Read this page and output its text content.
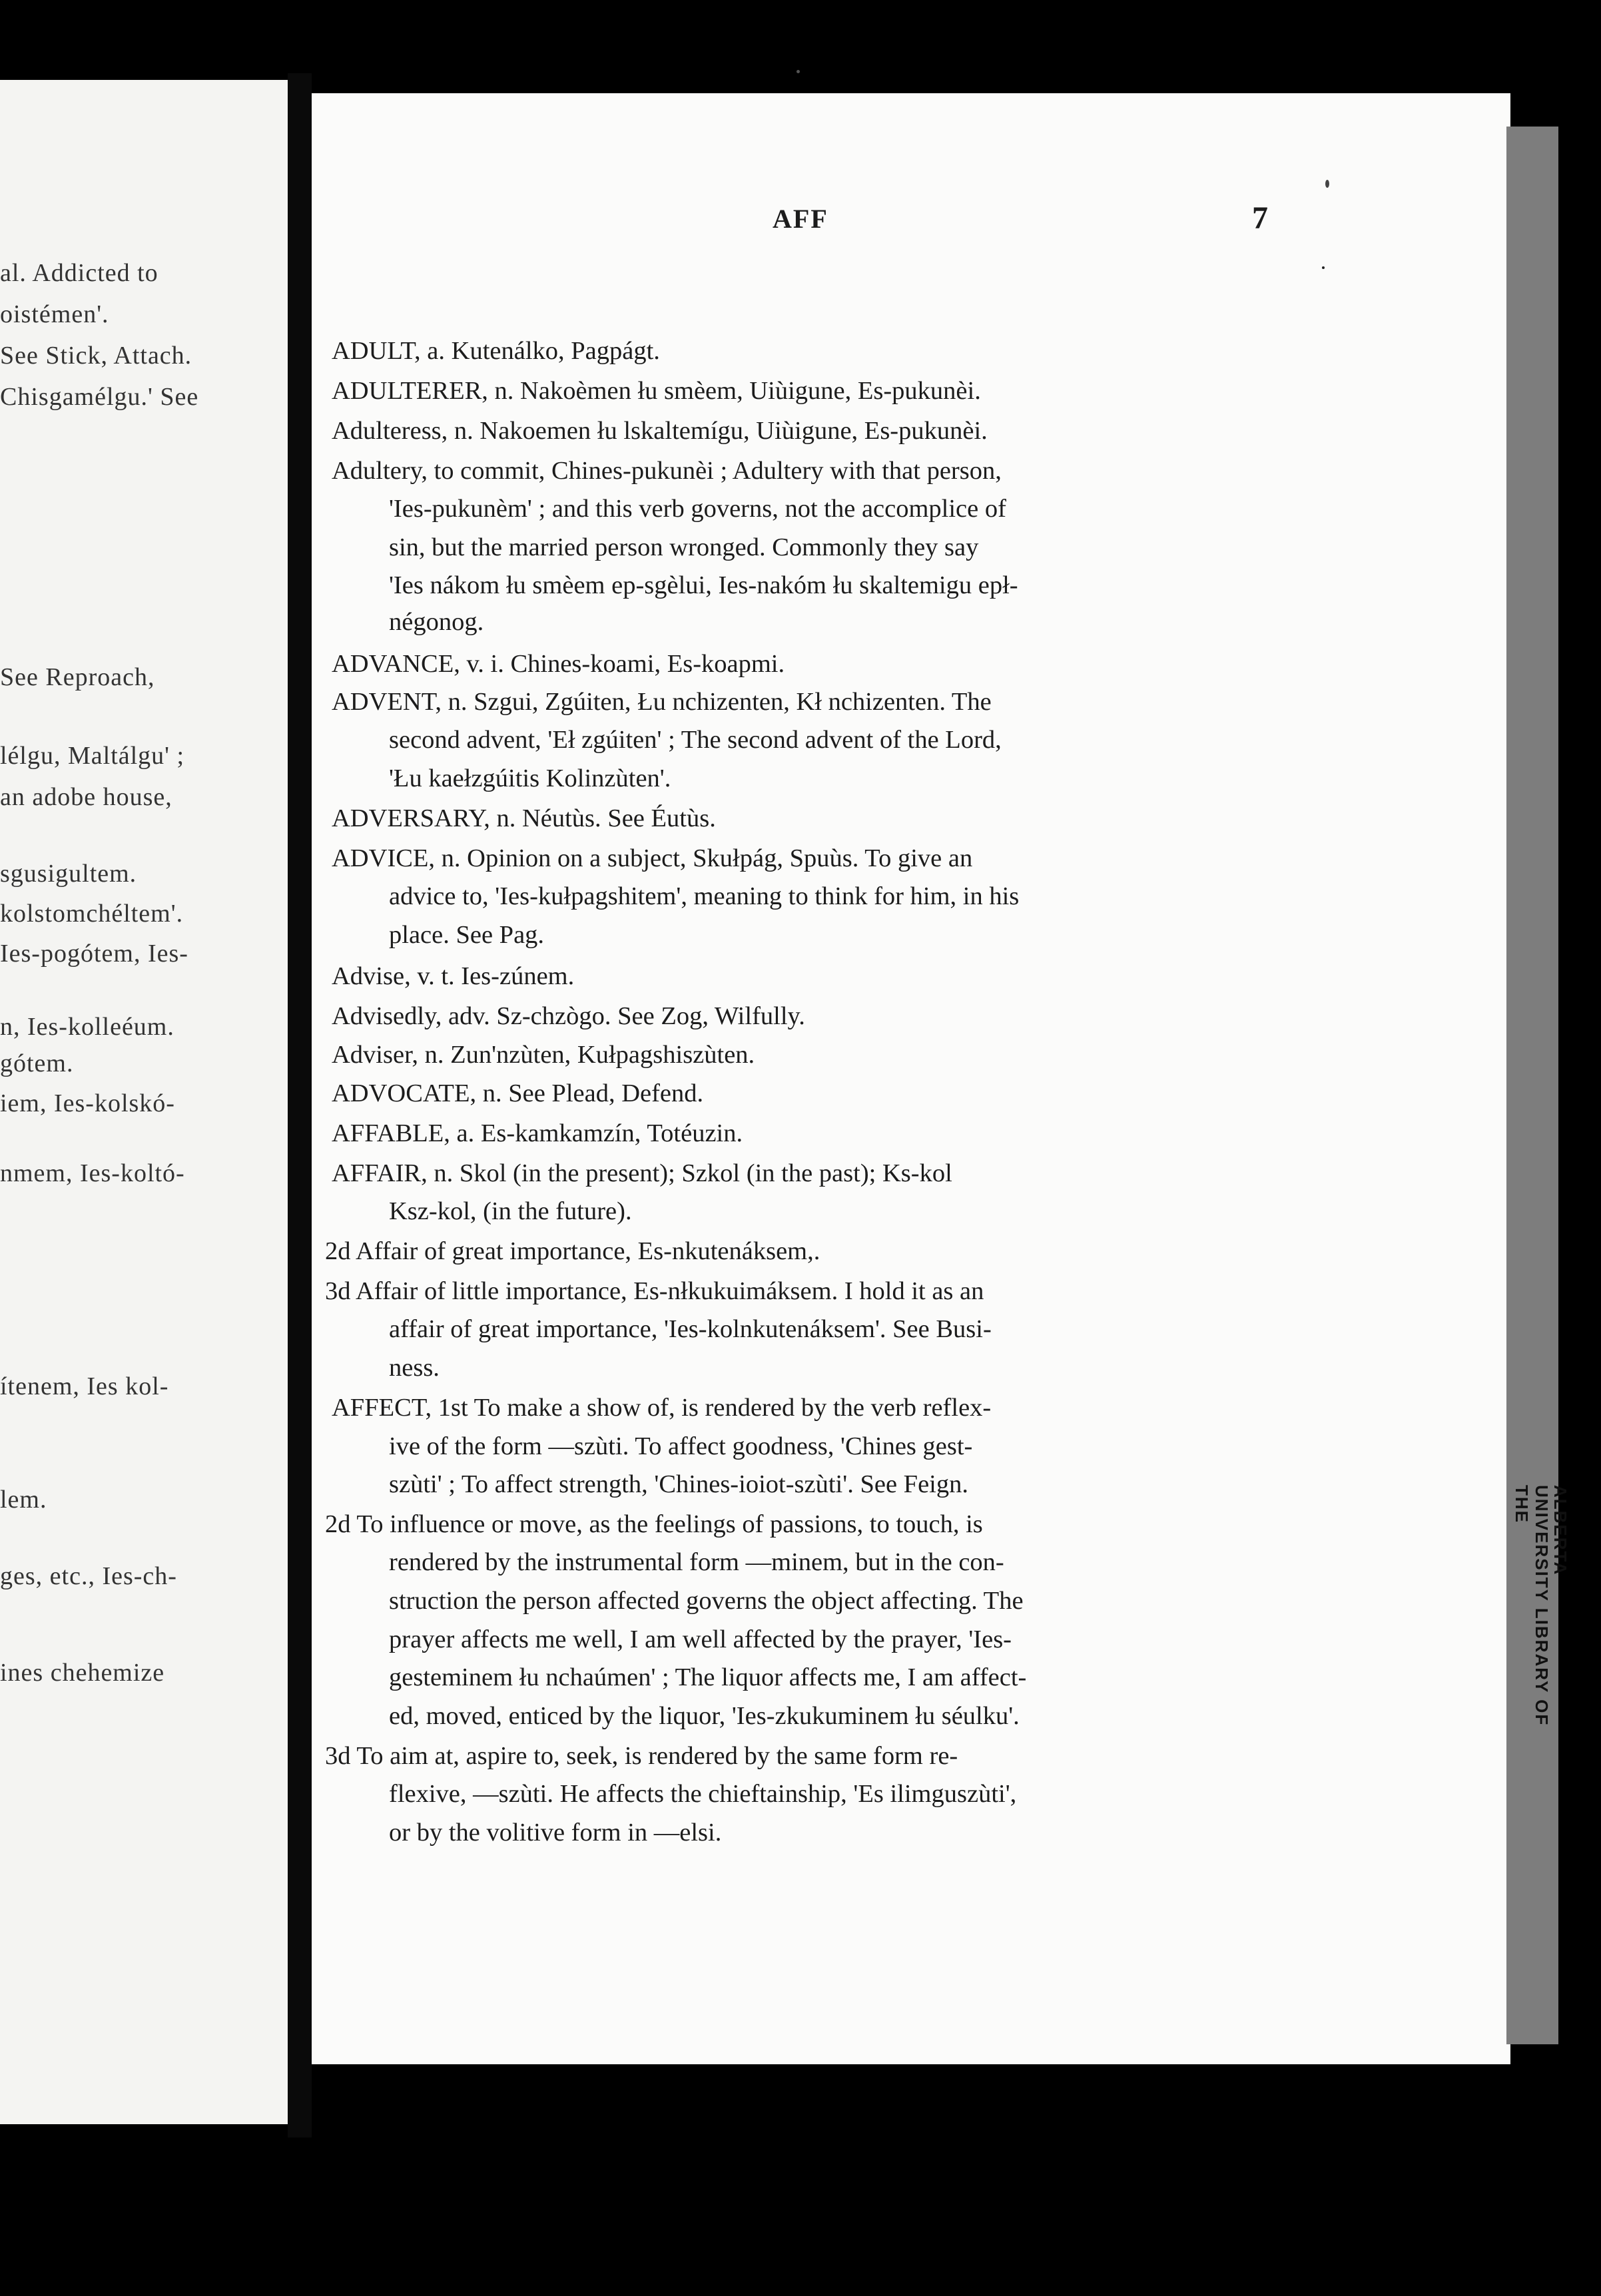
al. Addicted to
oistémen'.
See Stick, Attach.
Chisgamélgu.' See
See Reproach,
lélgu, Maltálgu' ;
an adobe house,
sgusigultem.
kolstomchéltem'.
Ies-pogótem, Ies-
n, Ies-kolleéum.
gótem.
iem, Ies-kolskó-
nmem, Ies-koltó-
ítenem, Ies kol-
lem.
ges, etc., Ies-ch-
ines chehemize
THE UNIVERSITY LIBRARY OF
ALBERTA
AFF	7
ADULT, a. Kutenálko, Pagpágt.
ADULTERER, n. Nakoèmen łu smèem, Uiùigune, Es-pukunèi.
Adulteress, n. Nakoemen łu lskaltemígu, Uiùigune, Es-pukunèi.
Adultery, to commit, Chines-pukunèi ; Adultery with that person,
'Ies-pukunèm' ; and this verb governs, not the accomplice of
sin, but the married person wronged. Commonly they say
'Ies nákom łu smèem ep-sgèlui, Ies-nakóm łu skaltemigu epł-
négonog.
ADVANCE, v. i. Chines-koami, Es-koapmi.
ADVENT, n. Szgui, Zgúiten, Łu nchizenten, Kł nchizenten. The
second advent, 'Eł zgúiten' ; The second advent of the Lord,
'Łu kaełzgúitis Kolinzùten'.
ADVERSARY, n. Néutùs. See Éutùs.
ADVICE, n. Opinion on a subject, Skułpág, Spuùs. To give an
advice to, 'Ies-kułpagshitem', meaning to think for him, in his
place. See Pag.
Advise, v. t. Ies-zúnem.
Advisedly, adv. Sz-chzògo. See Zog, Wilfully.
Adviser, n. Zun'nzùten, Kułpagshiszùten.
ADVOCATE, n. See Plead, Defend.
AFFABLE, a. Es-kamkamzín, Totéuzin.
AFFAIR, n. Skol (in the present); Szkol (in the past); Ks-kol
Ksz-kol, (in the future).
2d Affair of great importance, Es-nkutenáksem,.
3d Affair of little importance, Es-nłkukuimáksem. I hold it as an
affair of great importance, 'Ies-kolnkutenáksem'. See Busi-
ness.
AFFECT, 1st To make a show of, is rendered by the verb reflex-
ive of the form —szùti. To affect goodness, 'Chines gest-
szùti' ; To affect strength, 'Chines-ioiot-szùti'. See Feign.
2d To influence or move, as the feelings of passions, to touch, is
rendered by the instrumental form —minem, but in the con-
struction the person affected governs the object affecting. The
prayer affects me well, I am well affected by the prayer, 'Ies-
gesteminem łu nchaúmen' ; The liquor affects me, I am affect-
ed, moved, enticed by the liquor, 'Ies-zkukuminem łu séulku'.
3d To aim at, aspire to, seek, is rendered by the same form re-
flexive, —szùti. He affects the chieftainship, 'Es ilimguszùti',
or by the volitive form in —elsi.
